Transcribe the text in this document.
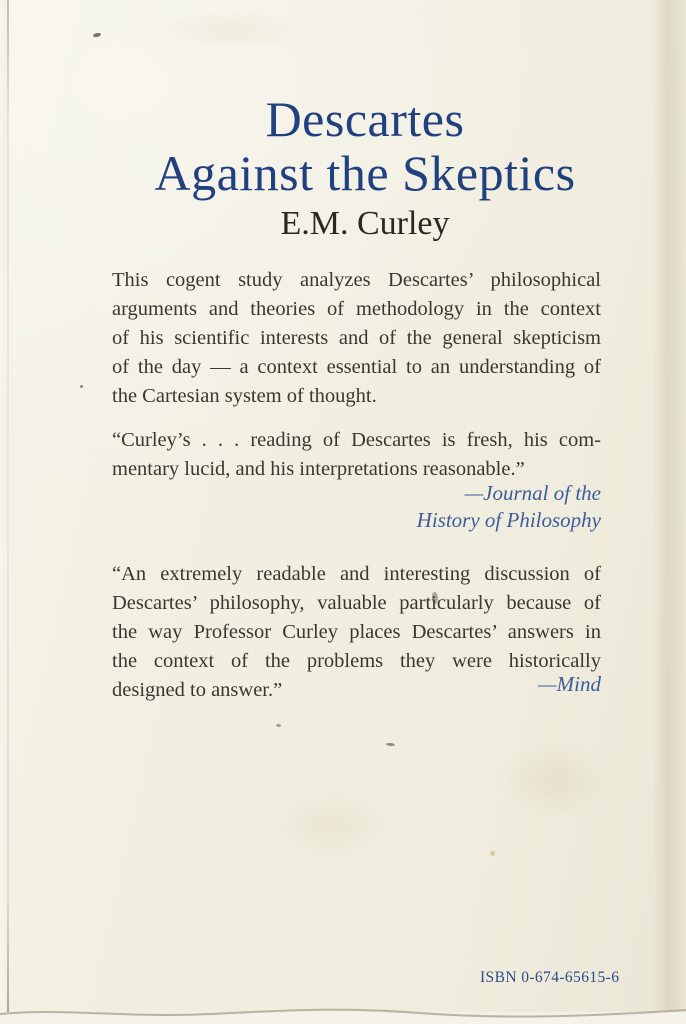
Descartes
Against the Skeptics
E.M. Curley
This cogent study analyzes Descartes’ philosophical
arguments and theories of methodology in the context
of his scientific interests and of the general skepticism
of the day — a context essential to an understanding of
the Cartesian system of thought.
“Curley’s . . . reading of Descartes is fresh, his com-
mentary lucid, and his interpretations reasonable.”
—Journal of the
History of Philosophy
“An extremely readable and interesting discussion of
Descartes’ philosophy, valuable particularly because of
the way Professor Curley places Descartes’ answers in
the context of the problems they were historically
designed to answer.”	—Mind
ISBN 0-674-65615-6
